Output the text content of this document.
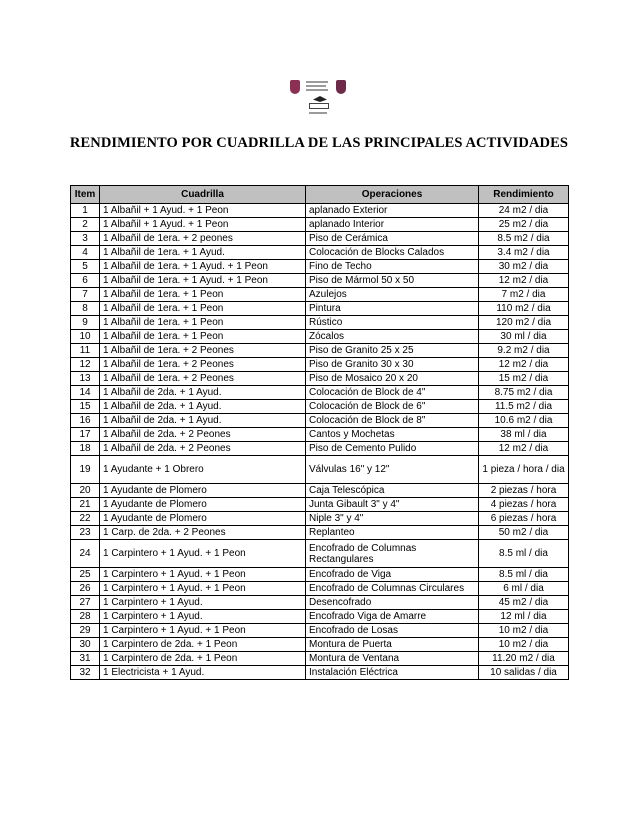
RENDIMIENTO POR CUADRILLA DE LAS PRINCIPALES ACTIVIDADES
Item	Cuadrilla	Operaciones	Rendimiento
1	1 Albañil + 1 Ayud. + 1 Peon	aplanado Exterior	24 m2 / dia
2	1 Albañil + 1 Ayud. + 1 Peon	aplanado Interior	25 m2 / dia
3	1 Albañil de 1era. + 2 peones	Piso de Cerámica	8.5 m2 / dia
4	1 Albañil de 1era. + 1 Ayud.	Colocación de Blocks Calados	3.4 m2 / dia
5	1 Albañil de 1era. + 1 Ayud. + 1 Peon	Fino de Techo	30 m2 / dia
6	1 Albañil de 1era. + 1 Ayud. + 1 Peon	Piso de Mármol 50 x 50	12 m2 / dia
7	1 Albañil de 1era. + 1 Peon	Azulejos	7 m2 / dia
8	1 Albañil de 1era. + 1 Peon	Pintura	110 m2 / dia
9	1 Albañil de 1era. + 1 Peon	Rústico	120 m2 / dia
10	1 Albañil de 1era. + 1 Peon	Zócalos	30 ml / dia
11	1 Albañil de 1era. + 2 Peones	Piso de Granito 25 x 25	9.2 m2 / dia
12	1 Albañil de 1era. + 2 Peones	Piso de Granito 30 x 30	12 m2 / dia
13	1 Albañil de 1era. + 2 Peones	Piso de Mosaico 20 x 20	15 m2 / dia
14	1 Albañil de 2da. + 1 Ayud.	Colocación de Block de 4"	8.75 m2 / dia
15	1 Albañil de 2da. + 1 Ayud.	Colocación de Block de 6"	11.5 m2 / dia
16	1 Albañil de 2da. + 1 Ayud.	Colocación de Block de 8"	10.6 m2 / dia
17	1 Albañil de 2da. + 2 Peones	Cantos y Mochetas	38 ml / dia
18	1 Albañil de 2da. + 2 Peones	Piso de Cemento Pulido	12 m2 / dia
19	1 Ayudante + 1 Obrero	Válvulas 16" y 12"	1 pieza / hora / dia
20	1 Ayudante de Plomero	Caja Telescópica	2 piezas / hora
21	1 Ayudante de Plomero	Junta Gibault 3" y 4"	4 piezas / hora
22	1 Ayudante de Plomero	Niple 3" y 4"	6 piezas / hora
23	1 Carp. de 2da. + 2 Peones	Replanteo	50 m2 / dia
24	1 Carpintero + 1 Ayud. + 1 Peon	Encofrado de Columnas Rectangulares	8.5 ml / dia
25	1 Carpintero + 1 Ayud. + 1 Peon	Encofrado de Viga	8.5 ml / dia
26	1 Carpintero + 1 Ayud. + 1 Peon	Encofrado de Columnas Circulares	6 ml / dia
27	1 Carpintero + 1 Ayud.	Desencofrado	45 m2 / dia
28	1 Carpintero + 1 Ayud.	Encofrado Viga de Amarre	12 ml / dia
29	1 Carpintero + 1 Ayud. + 1 Peon	Encofrado de Losas	10 m2 / dia
30	1 Carpintero de 2da. + 1 Peon	Montura de Puerta	10 m2 / dia
31	1 Carpintero de 2da. + 1 Peon	Montura de Ventana	11.20 m2 / dia
32	1 Electricista + 1 Ayud.	Instalación Eléctrica	10 salidas / dia
